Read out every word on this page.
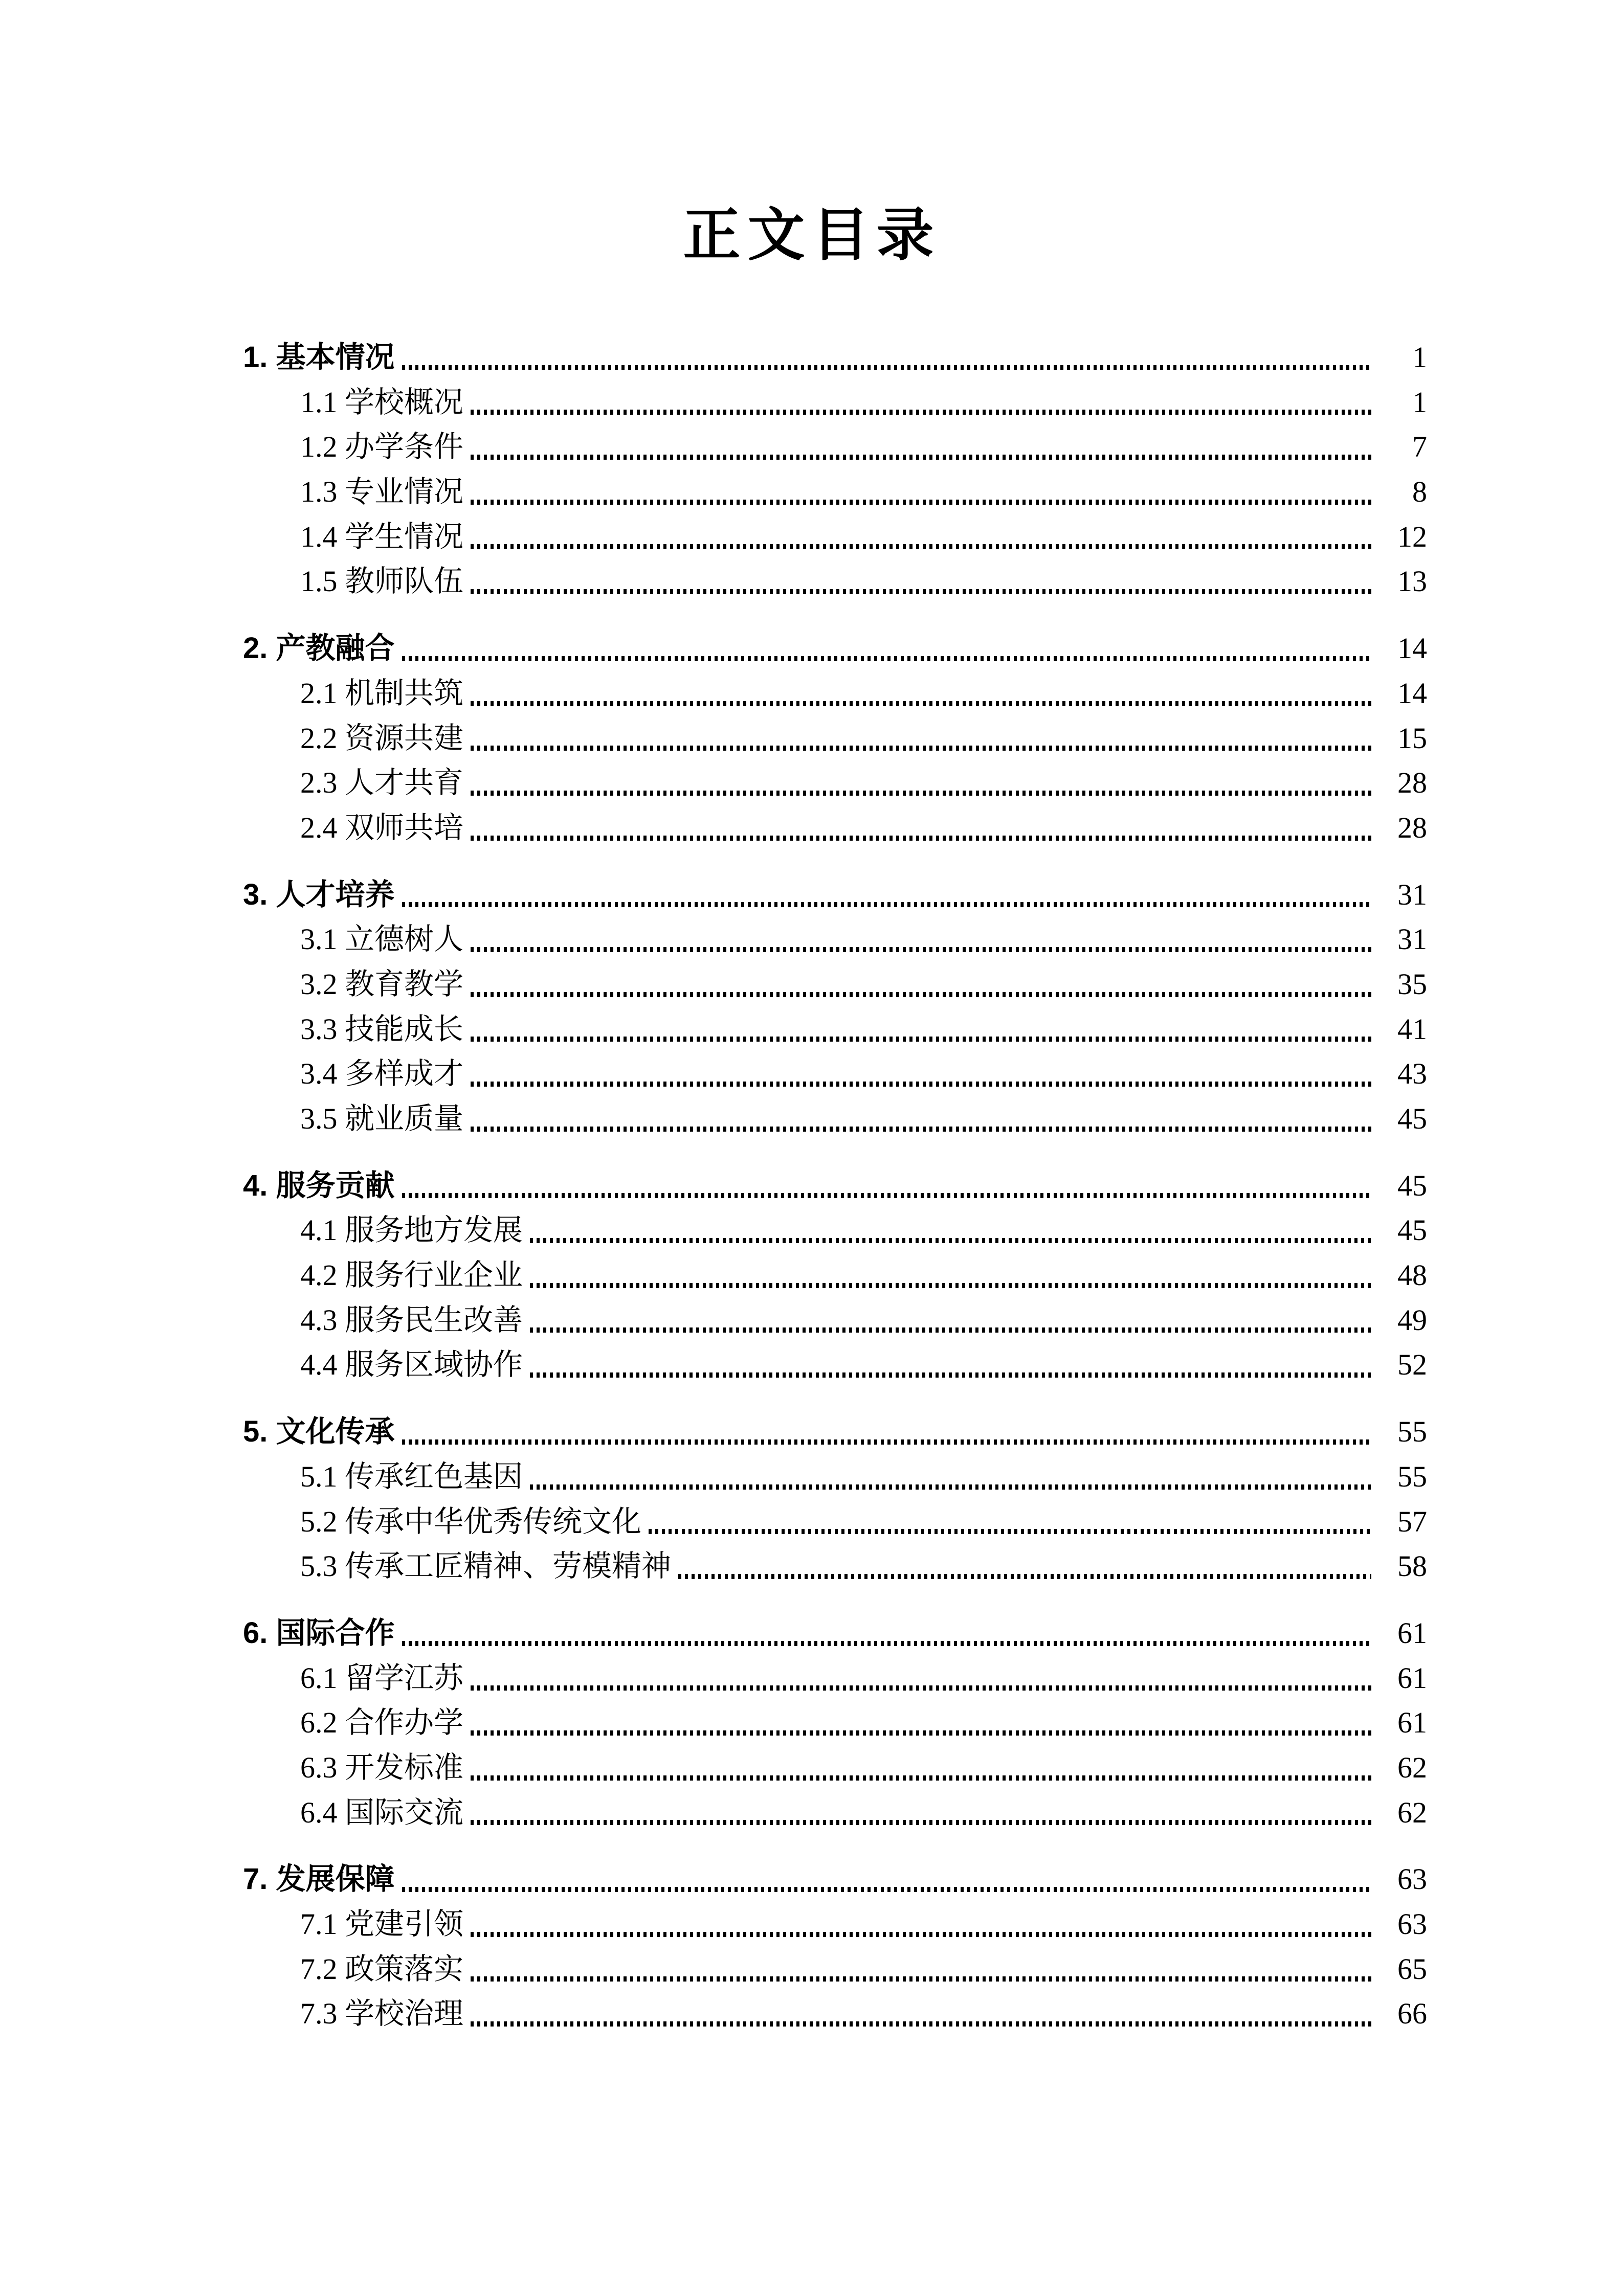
正文目录
1. 基本情况	1
1.1 学校概况	1
1.2 办学条件	7
1.3 专业情况	8
1.4 学生情况	12
1.5 教师队伍	13
2. 产教融合	14
2.1 机制共筑	14
2.2 资源共建	15
2.3 人才共育	28
2.4 双师共培	28
3. 人才培养	31
3.1 立德树人	31
3.2 教育教学	35
3.3 技能成长	41
3.4 多样成才	43
3.5 就业质量	45
4. 服务贡献	45
4.1 服务地方发展	45
4.2 服务行业企业	48
4.3 服务民生改善	49
4.4 服务区域协作	52
5. 文化传承	55
5.1 传承红色基因	55
5.2 传承中华优秀传统文化	57
5.3 传承工匠精神、劳模精神	58
6. 国际合作	61
6.1 留学江苏	61
6.2 合作办学	61
6.3 开发标准	62
6.4 国际交流	62
7. 发展保障	63
7.1 党建引领	63
7.2 政策落实	65
7.3 学校治理	66
